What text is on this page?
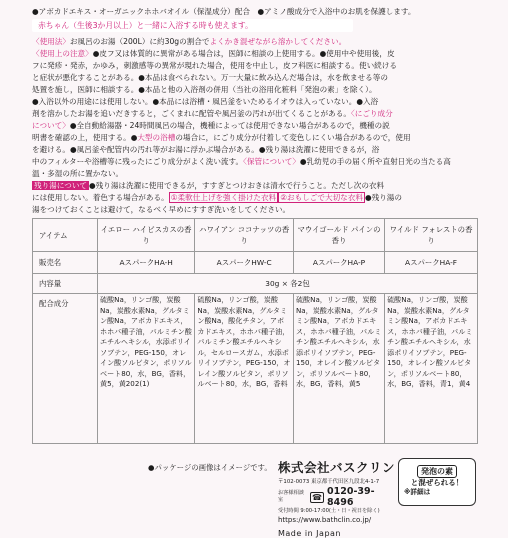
●アボカドエキス・オーガニックホホバオイル（保湿成分）配合　●アミノ酸成分で入浴中のお肌を保護します。
赤ちゃん（生後3か月以上）と一緒に入浴する時も使えます。
〈使用法〉お風呂のお湯（200L）に約30gの割合でよくかき混ぜながら溶かしてください。
〈使用上の注意〉●皮フ又は体質的に異常がある場合は，医師に相談の上使用する。●使用中や使用後，皮
フに発疹・発赤，かゆみ，刺激感等の異常が現れた場合，使用を中止し，皮フ科医に相談する。使い続ける
と症状が悪化することがある。●本品は食べられない。万一大量に飲み込んだ場合は，水を飲ませる等の
処置を施し，医師に相談する。●本品と他の入浴剤の併用（当社の浴用化粧料「発泡の素」を除く）。
●入浴以外の用途には使用しない。●本品には浴槽・風呂釜をいためるイオウは入っていない。●入浴
剤を溶かしたお湯を追いだきすると，ごくまれに配管や風呂釜の汚れが出てくることがある。〈にごり成分
について〉●全自動給湯器・24時間風呂の場合，機種によっては使用できない場合があるので，機種の説
明書を確認の上，使用する。●大型の浴槽の場合に，にごり成分が付着して変色しにくい場合があるので，使用
を避ける。●風呂釜や配管内の汚れ等がお湯に浮かぶ場合がある。●残り湯は洗濯に使用できるが，浴
中のフィルターや浴槽等に残ったにごり成分がよく洗い流す。〈保管について〉●乳幼児の手の届く所や直射日光の当たる高
温・多湿の所に置かない。
残り湯について ●残り湯は洗濯に使用できるが，すすぎとつけおきは清水で行うこと。ただし次の衣料
には使用しない。着色する場合がある。 ①柔軟仕上げを強く掛けた衣料 ②おもしごで大切な衣料 ●残り湯の
湯をつけておくことは避けて，なるべく早めにすすぎ洗いをしてください。
アイテム	イエロー ハイビスカスの香り	ハワイアン ココナッツの香り	マウイゴールド パインの香り	ワイルド フォレストの香り
販売名	AスパークHA-H	AスパークHW-C	AスパークHA-P	AスパークHA-F
内容量	30g × 各2包			
配合成分	硫酸Na，リンゴ酸，炭酸Na，炭酸水素Na，グルタミン酸Na，アボカドエキス，ホホバ種子油，パルミチン酸エチルヘキシル，水添ポリイソブテン，PEG-150，オレイン酸ソルビタン，ポリソルベート80，水，BG，香料，黄5，黄202(1)	硫酸Na，リンゴ酸，炭酸Na，炭酸水素Na，グルタミン酸Na，酸化チタン，アボカドエキス，ホホバ種子油，パルミチン酸エチルヘキシル，セルロースガム，水添ポリイソブテン，PEG-150，オレイン酸ソルビタン，ポリソルベート80，水，BG，香料	硫酸Na，リンゴ酸，炭酸Na，炭酸水素Na，グルタミン酸Na，アボカドエキス，ホホバ種子油，パルミチン酸エチルヘキシル，水添ポリイソブテン，PEG-150，オレイン酸ソルビタン，ポリソルベート80，水，BG，香料，黄5	硫酸Na，リンゴ酸，炭酸Na，炭酸水素Na，グルタミン酸Na，アボカドエキス，ホホバ種子油，パルミチン酸エチルヘキシル，水添ポリイソブテン，PEG-150，オレイン酸ソルビタン，ポリソルベート80，水，BG，香料，青1，黄4
●パッケージの画像はイメージです。 株式会社バスクリン
〒102-0073 東京都千代田区九段北4-1-7
お客様相談室	☎ 0120-39-8496
受付時間 9:00-17:00(土・日・祝日を除く)
https://www.bathclin.co.jp/
Made in Japan
発泡の素
と混ぜられる！
※詳細は
